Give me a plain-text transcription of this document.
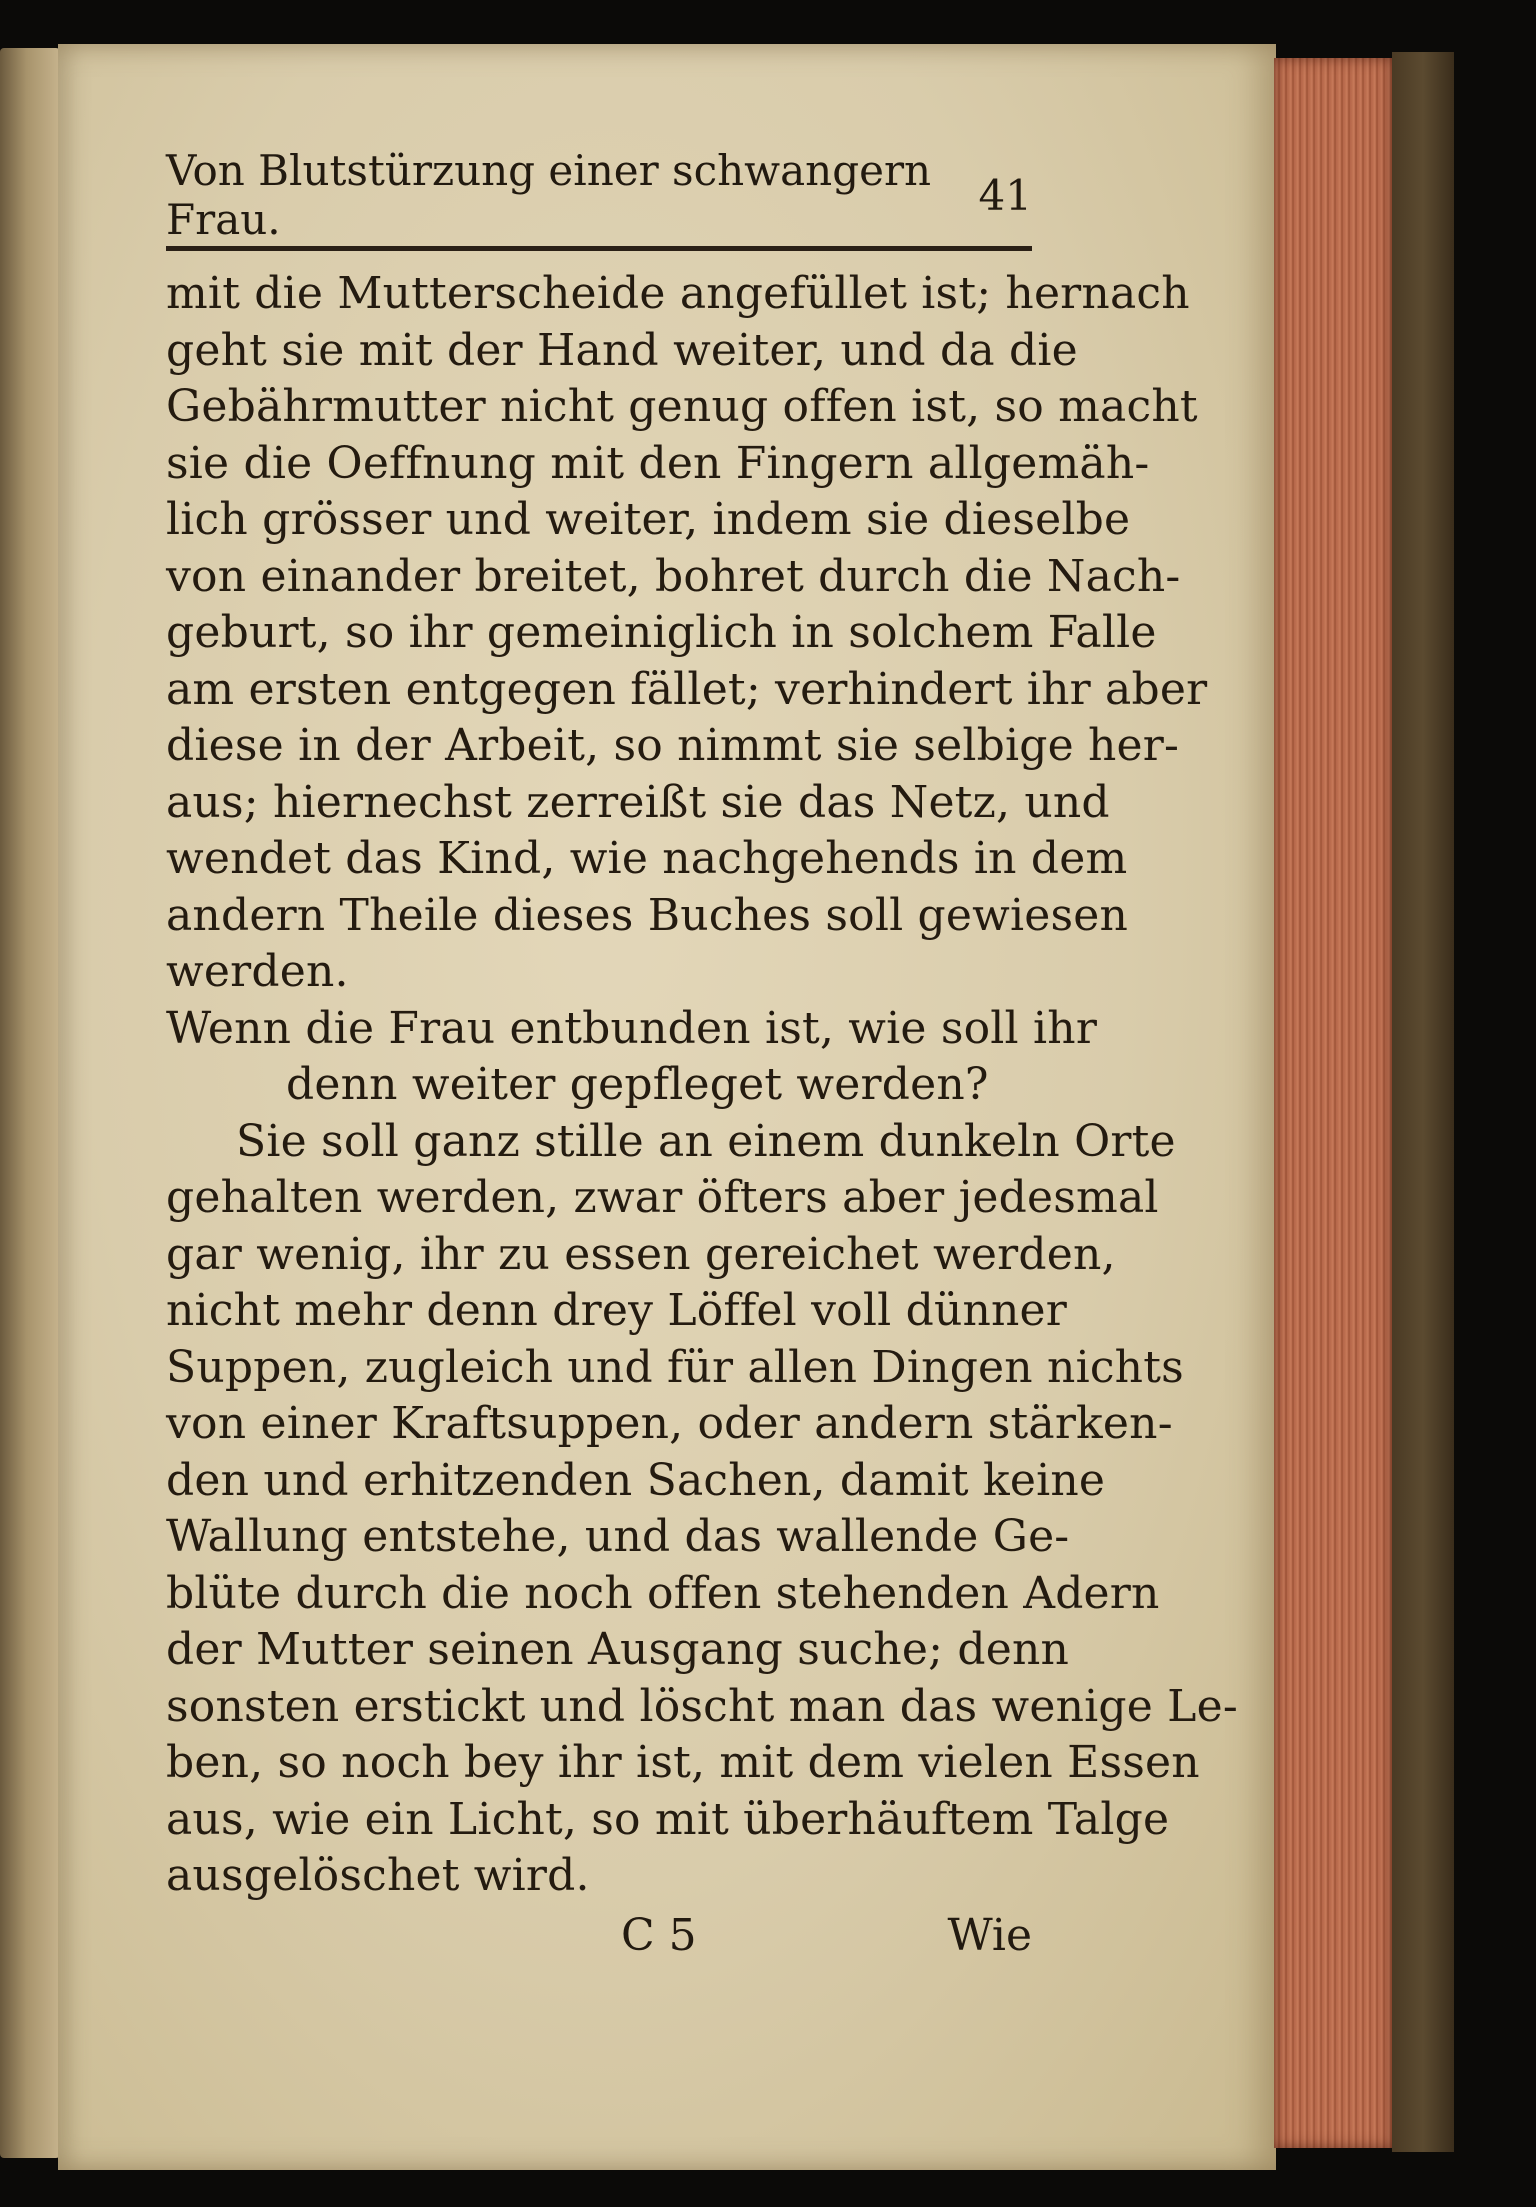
Von Blutstürzung einer schwangern Frau.	41
mit die Mutterscheide angefüllet ist; hernach
geht sie mit der Hand weiter, und da die
Gebährmutter nicht genug offen ist, so macht
sie die Oeffnung mit den Fingern allgemäh-
lich grösser und weiter, indem sie dieselbe
von einander breitet, bohret durch die Nach-
geburt, so ihr gemeiniglich in solchem Falle
am ersten entgegen fället; verhindert ihr aber
diese in der Arbeit, so nimmt sie selbige her-
aus; hiernechst zerreißt sie das Netz, und
wendet das Kind, wie nachgehends in dem
andern Theile dieses Buches soll gewiesen
werden.
Wenn die Frau entbunden ist, wie soll ihr
denn weiter gepfleget werden?
Sie soll ganz stille an einem dunkeln Orte
gehalten werden, zwar öfters aber jedesmal
gar wenig, ihr zu essen gereichet werden,
nicht mehr denn drey Löffel voll dünner
Suppen, zugleich und für allen Dingen nichts
von einer Kraftsuppen, oder andern stärken-
den und erhitzenden Sachen, damit keine
Wallung entstehe, und das wallende Ge-
blüte durch die noch offen stehenden Adern
der Mutter seinen Ausgang suche; denn
sonsten erstickt und löscht man das wenige Le-
ben, so noch bey ihr ist, mit dem vielen Essen
aus, wie ein Licht, so mit überhäuftem Talge
ausgelöschet wird.
C 5	Wie
